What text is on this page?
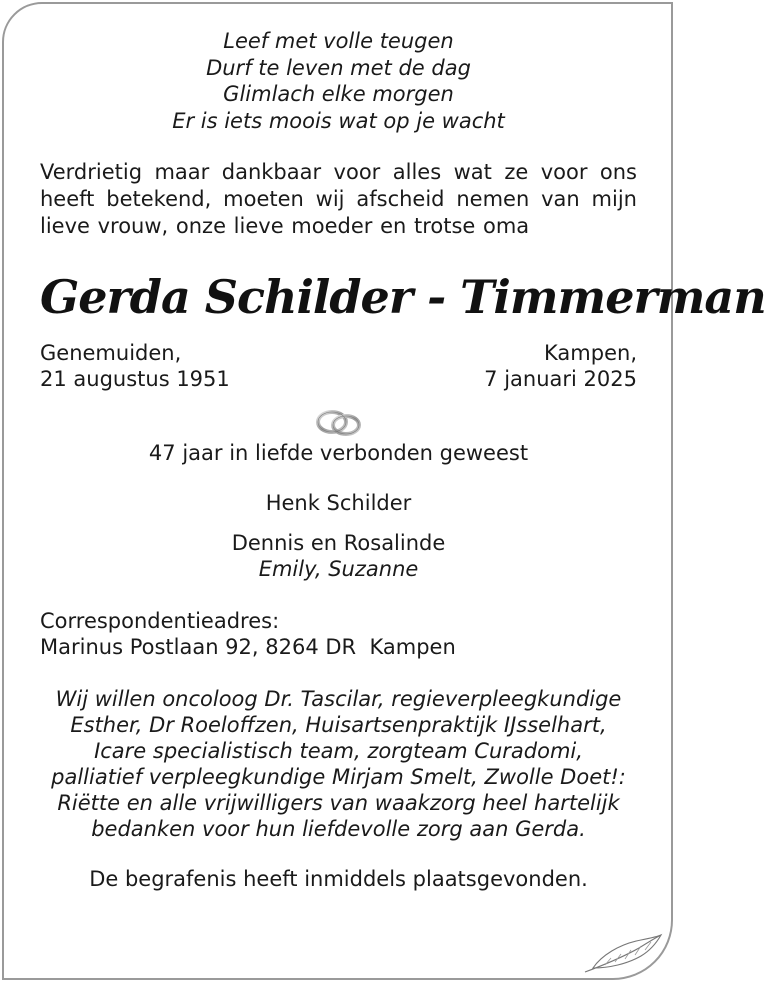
Leef met volle teugen
Durf te leven met de dag
Glimlach elke morgen
Er is iets moois wat op je wacht
Verdrietig maar dankbaar voor alles wat ze voor ons
heeft betekend, moeten wij afscheid nemen van mijn
lieve vrouw, onze lieve moeder en trotse oma
Gerda Schilder - Timmerman
Genemuiden,
21 augustus 1951
Kampen,
7 januari 2025
47 jaar in liefde verbonden geweest
Henk Schilder
Dennis en Rosalinde
Emily, Suzanne
Correspondentieadres:
Marinus Postlaan 92, 8264 DR  Kampen
Wij willen oncoloog Dr. Tascilar, regieverpleegkundige
Esther, Dr Roeloffzen, Huisartsenpraktijk IJsselhart,
Icare specialistisch team, zorgteam Curadomi,
palliatief verpleegkundige Mirjam Smelt, Zwolle Doet!:
Riëtte en alle vrijwilligers van waakzorg heel hartelijk
bedanken voor hun liefdevolle zorg aan Gerda.
De begrafenis heeft inmiddels plaatsgevonden.
